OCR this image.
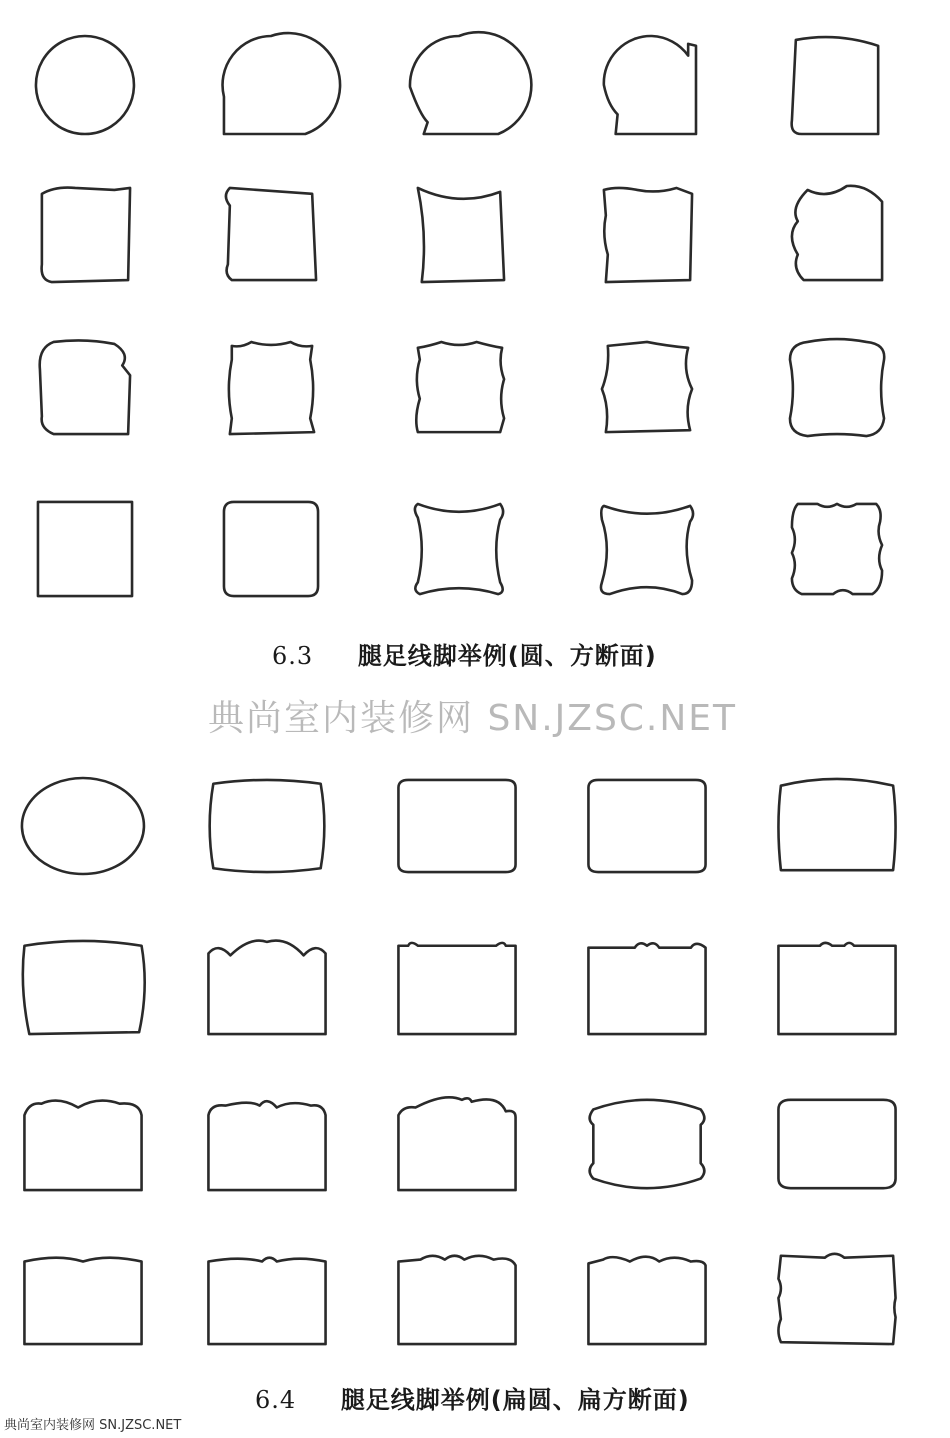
6.3 腿足线脚举例(圆、方断面)
典尚室内装修网 SN.JZSC.NET
6.4 腿足线脚举例(扁圆、扁方断面)
典尚室内装修网 SN.JZSC.NET
